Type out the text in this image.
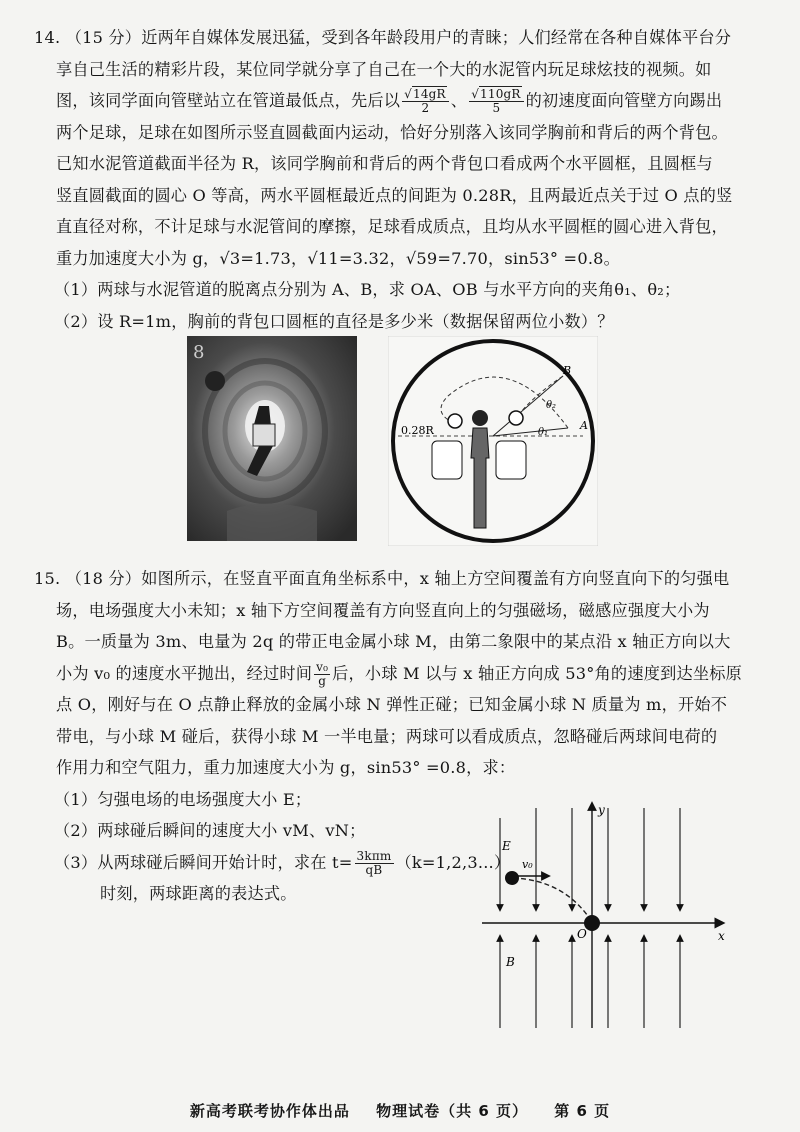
14. （15 分）近两年自媒体发展迅猛，受到各年龄段用户的青睐；人们经常在各种自媒体平台分
享自己生活的精彩片段，某位同学就分享了自己在一个大的水泥管内玩足球炫技的视频。如
图，该同学面向管壁站立在管道最低点，先后以 $\frac{√14gR}{2}$ 、 $\frac{√110gR}{5}$ 的初速度面向管壁方向踢出
两个足球，足球在如图所示竖直圆截面内运动，恰好分别落入该同学胸前和背后的两个背包。
已知水泥管道截面半径为 R，该同学胸前和背后的两个背包口看成两个水平圆框，且圆框与
竖直圆截面的圆心 O 等高，两水平圆框最近点的间距为 0.28R，且两最近点关于过 O 点的竖
直直径对称，不计足球与水泥管间的摩擦，足球看成质点，且均从水平圆框的圆心进入背包，
重力加速度大小为 g，√3=1.73，√11=3.32，√59=7.70，sin53° =0.8。
（1）两球与水泥管道的脱离点分别为 A、B，求 OA、OB 与水平方向的夹角θ₁、θ₂；
（2）设 R=1m，胸前的背包口圆框的直径是多少米（数据保留两位小数）？
8
0.28R	A
B
θ₁
θ₂
15. （18 分）如图所示，在竖直平面直角坐标系中，x 轴上方空间覆盖有方向竖直向下的匀强电
场，电场强度大小未知；x 轴下方空间覆盖有方向竖直向上的匀强磁场，磁感应强度大小为
B。一质量为 3m、电量为 2q 的带正电金属小球 M，由第二象限中的某点沿 x 轴正方向以大
小为 v₀ 的速度水平抛出，经过时间 $\frac{\text{v₀}}{g}$ 后，小球 M 以与 x 轴正方向成 53°角的速度到达坐标原
点 O，刚好与在 O 点静止释放的金属小球 N 弹性正碰；已知金属小球 N 质量为 m，开始不
带电，与小球 M 碰后，获得小球 M 一半电量；两球可以看成质点，忽略碰后两球间电荷的
作用力和空气阻力，重力加速度大小为 g，sin53° =0.8，求：
（1）匀强电场的电场强度大小 E；
（2）两球碰后瞬间的速度大小 vM、vN；
（3）从两球碰后瞬间开始计时，求在 $t= \frac{\text{3kπm}}{qB} (k=1,2,3...)$
时刻，两球距离的表达式。
y
x
O
E
B
v₀
新高考联考协作体出品 物理试卷（共 6 页） 第 6 页
